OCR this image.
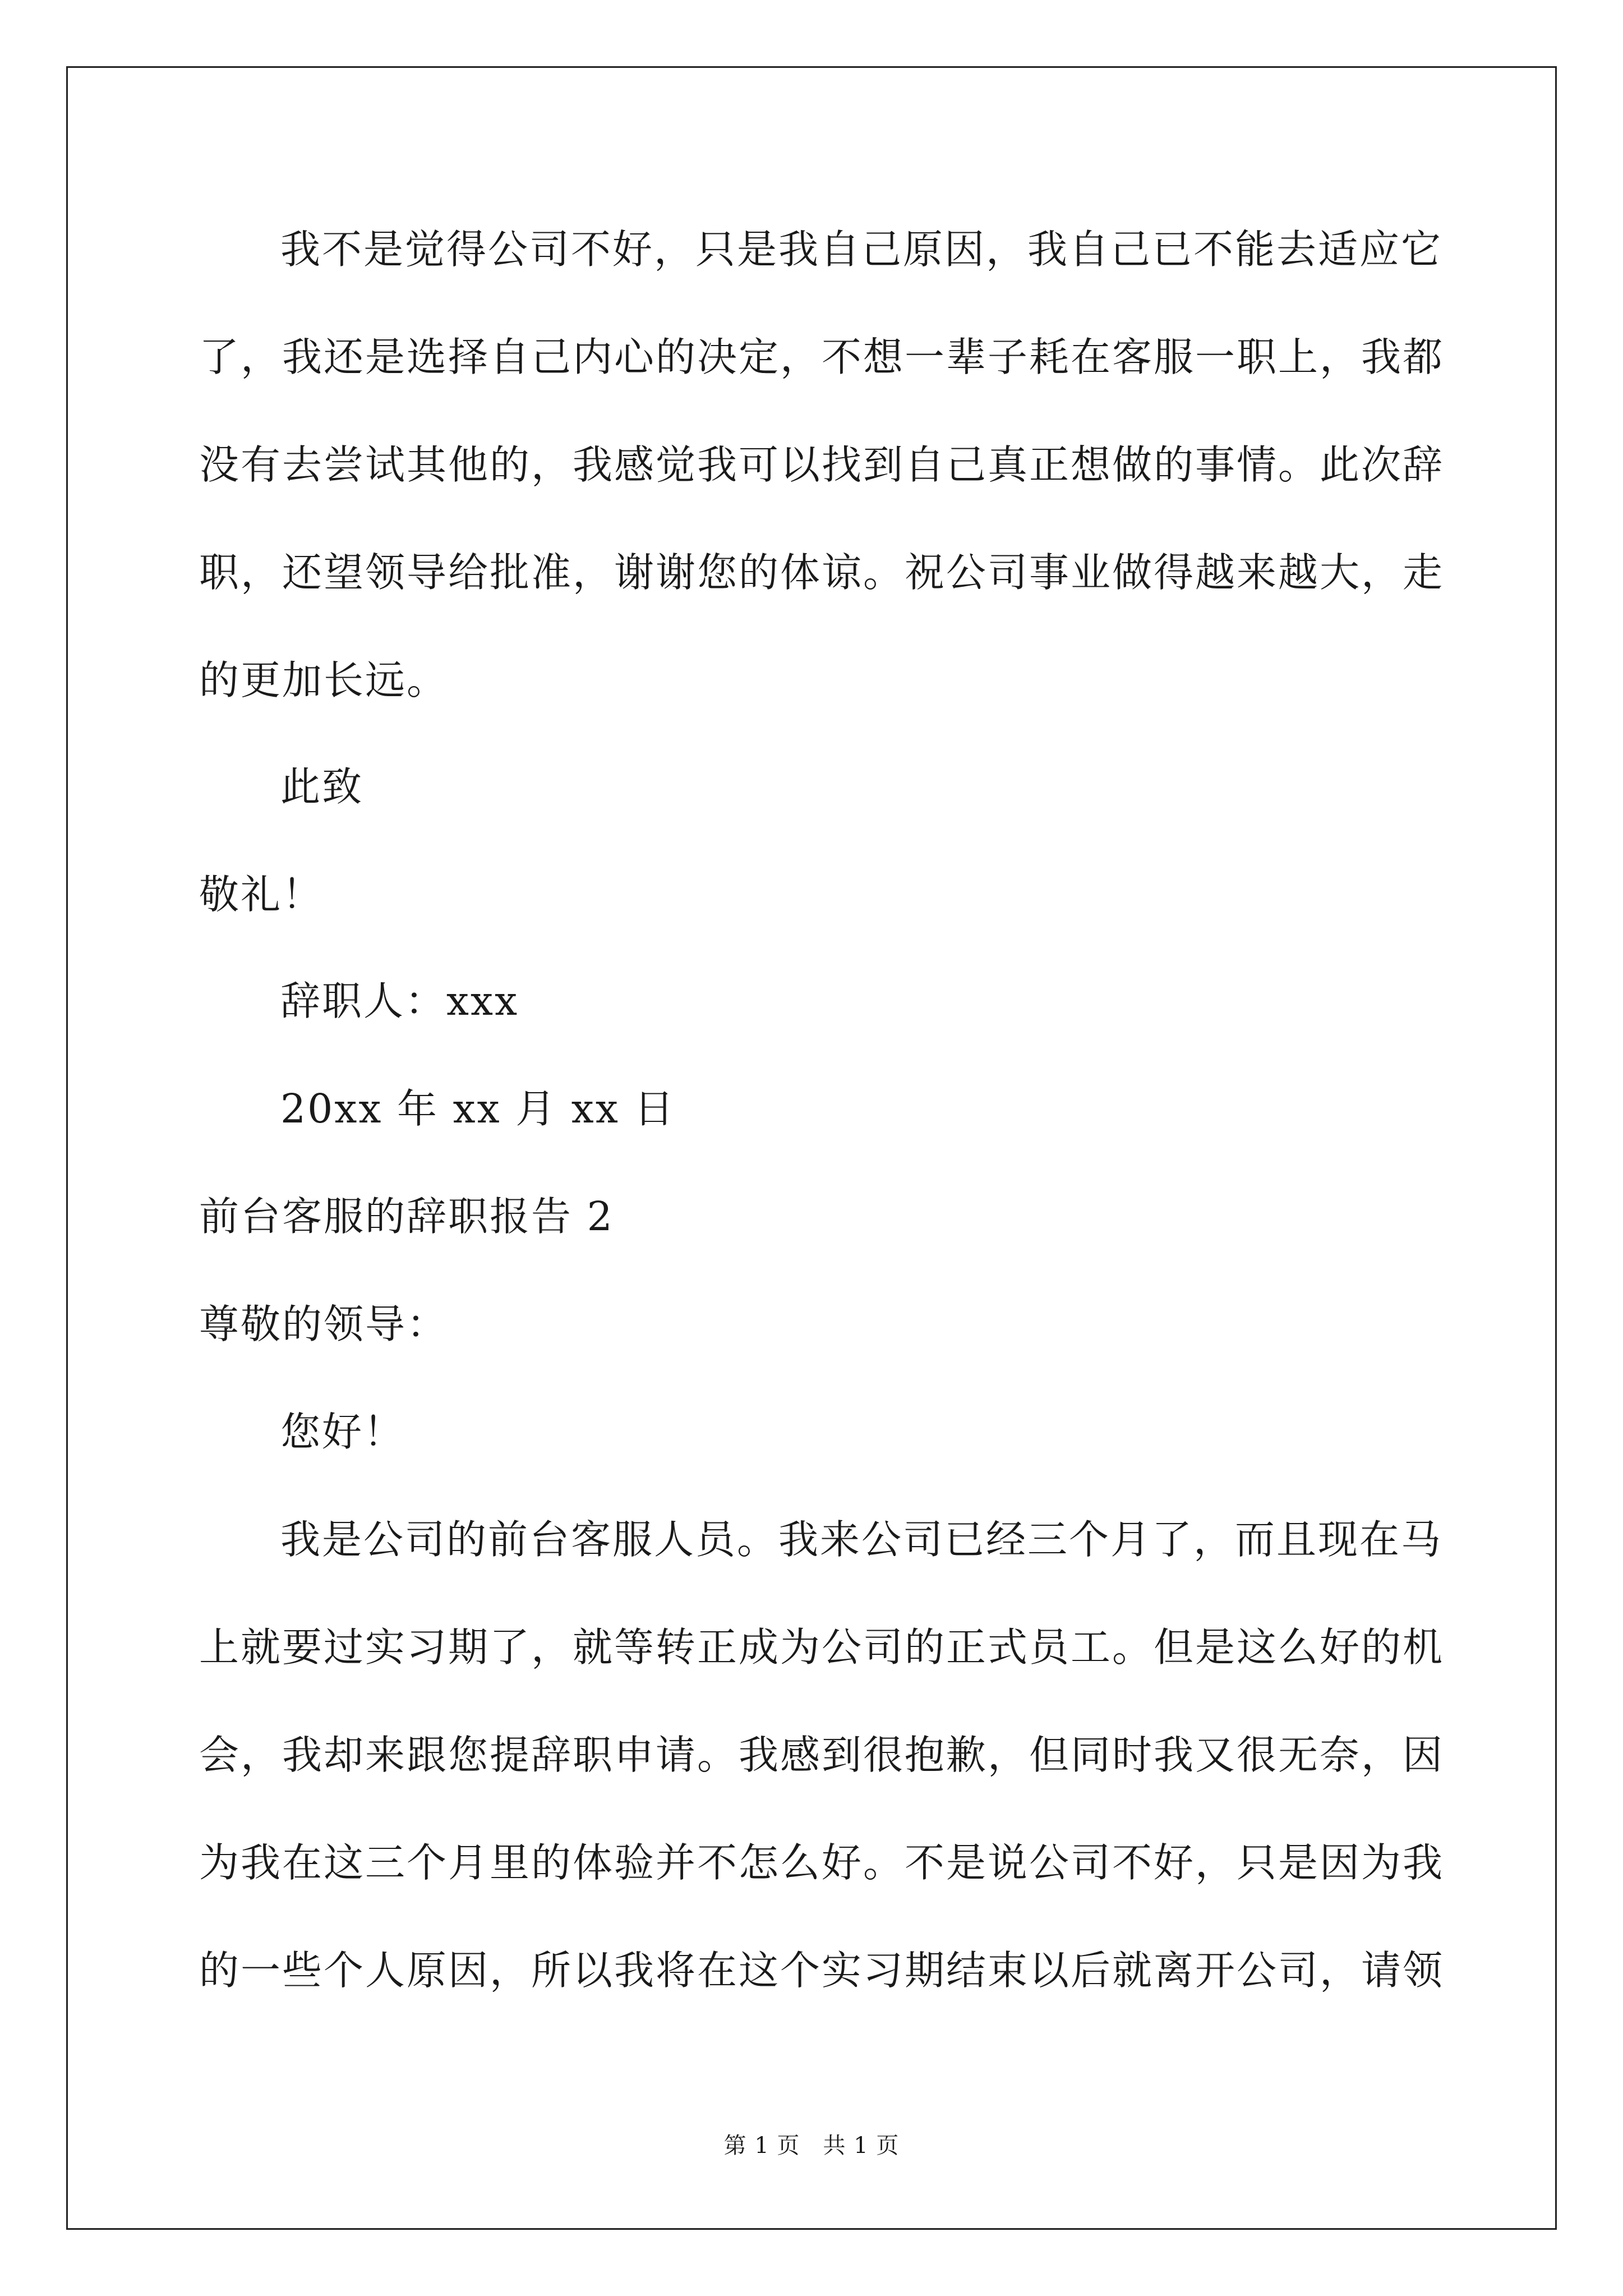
我不是觉得公司不好，只是我自己原因，我自己已不能去适应它
了，我还是选择自己内心的决定，不想一辈子耗在客服一职上，我都
没有去尝试其他的，我感觉我可以找到自己真正想做的事情。此次辞
职，还望领导给批准，谢谢您的体谅。祝公司事业做得越来越大，走
的更加长远。
此致
敬礼！
辞职人：xxx
20xx 年 xx 月 xx 日
前台客服的辞职报告 2
尊敬的领导：
您好！
我是公司的前台客服人员。我来公司已经三个月了，而且现在马
上就要过实习期了，就等转正成为公司的正式员工。但是这么好的机
会，我却来跟您提辞职申请。我感到很抱歉，但同时我又很无奈，因
为我在这三个月里的体验并不怎么好。不是说公司不好，只是因为我
的一些个人原因，所以我将在这个实习期结束以后就离开公司，请领
第 1 页　共 1 页
